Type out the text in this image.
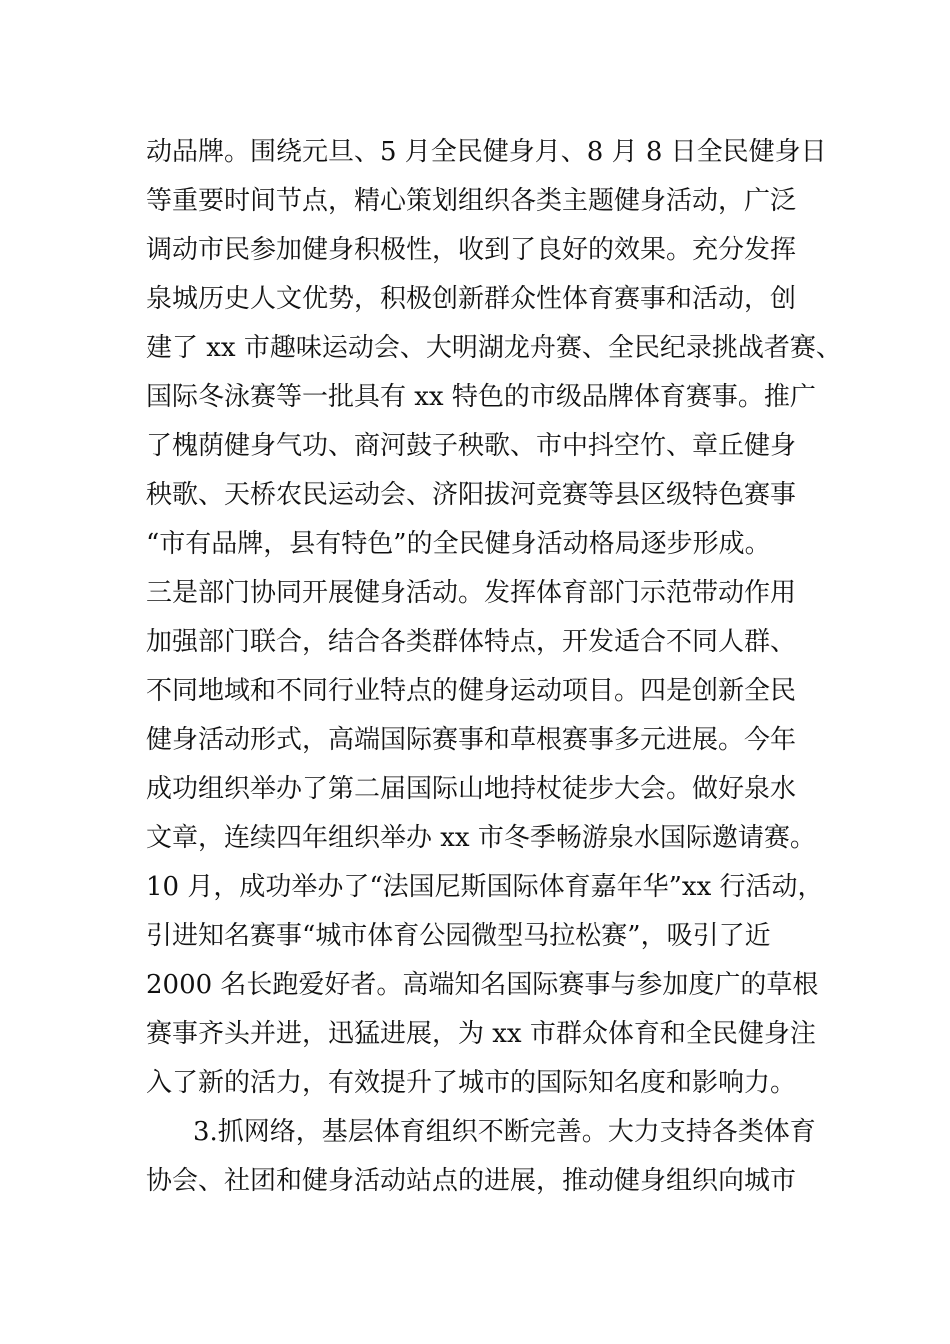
动品牌。围绕元旦、5 月全民健身月、8 月 8 日全民健身日
等重要时间节点，精心策划组织各类主题健身活动，广泛
调动市民参加健身积极性，收到了良好的效果。充分发挥
泉城历史人文优势，积极创新群众性体育赛事和活动，创
建了 xx 市趣味运动会、大明湖龙舟赛、全民纪录挑战者赛、
国际冬泳赛等一批具有 xx 特色的市级品牌体育赛事。推广
了槐荫健身气功、商河鼓子秧歌、市中抖空竹、章丘健身
秧歌、天桥农民运动会、济阳拔河竞赛等县区级特色赛事
“市有品牌，县有特色”的全民健身活动格局逐步形成。
三是部门协同开展健身活动。发挥体育部门示范带动作用
加强部门联合，结合各类群体特点，开发适合不同人群、
不同地域和不同行业特点的健身运动项目。四是创新全民
健身活动形式，高端国际赛事和草根赛事多元进展。今年
成功组织举办了第二届国际山地持杖徒步大会。做好泉水
文章，连续四年组织举办 xx 市冬季畅游泉水国际邀请赛。
10 月，成功举办了“法国尼斯国际体育嘉年华”xx 行活动，
引进知名赛事“城市体育公园微型马拉松赛”，吸引了近
2000 名长跑爱好者。高端知名国际赛事与参加度广的草根
赛事齐头并进，迅猛进展，为 xx 市群众体育和全民健身注
入了新的活力，有效提升了城市的国际知名度和影响力。
3.抓网络，基层体育组织不断完善。大力支持各类体育
协会、社团和健身活动站点的进展，推动健身组织向城市
